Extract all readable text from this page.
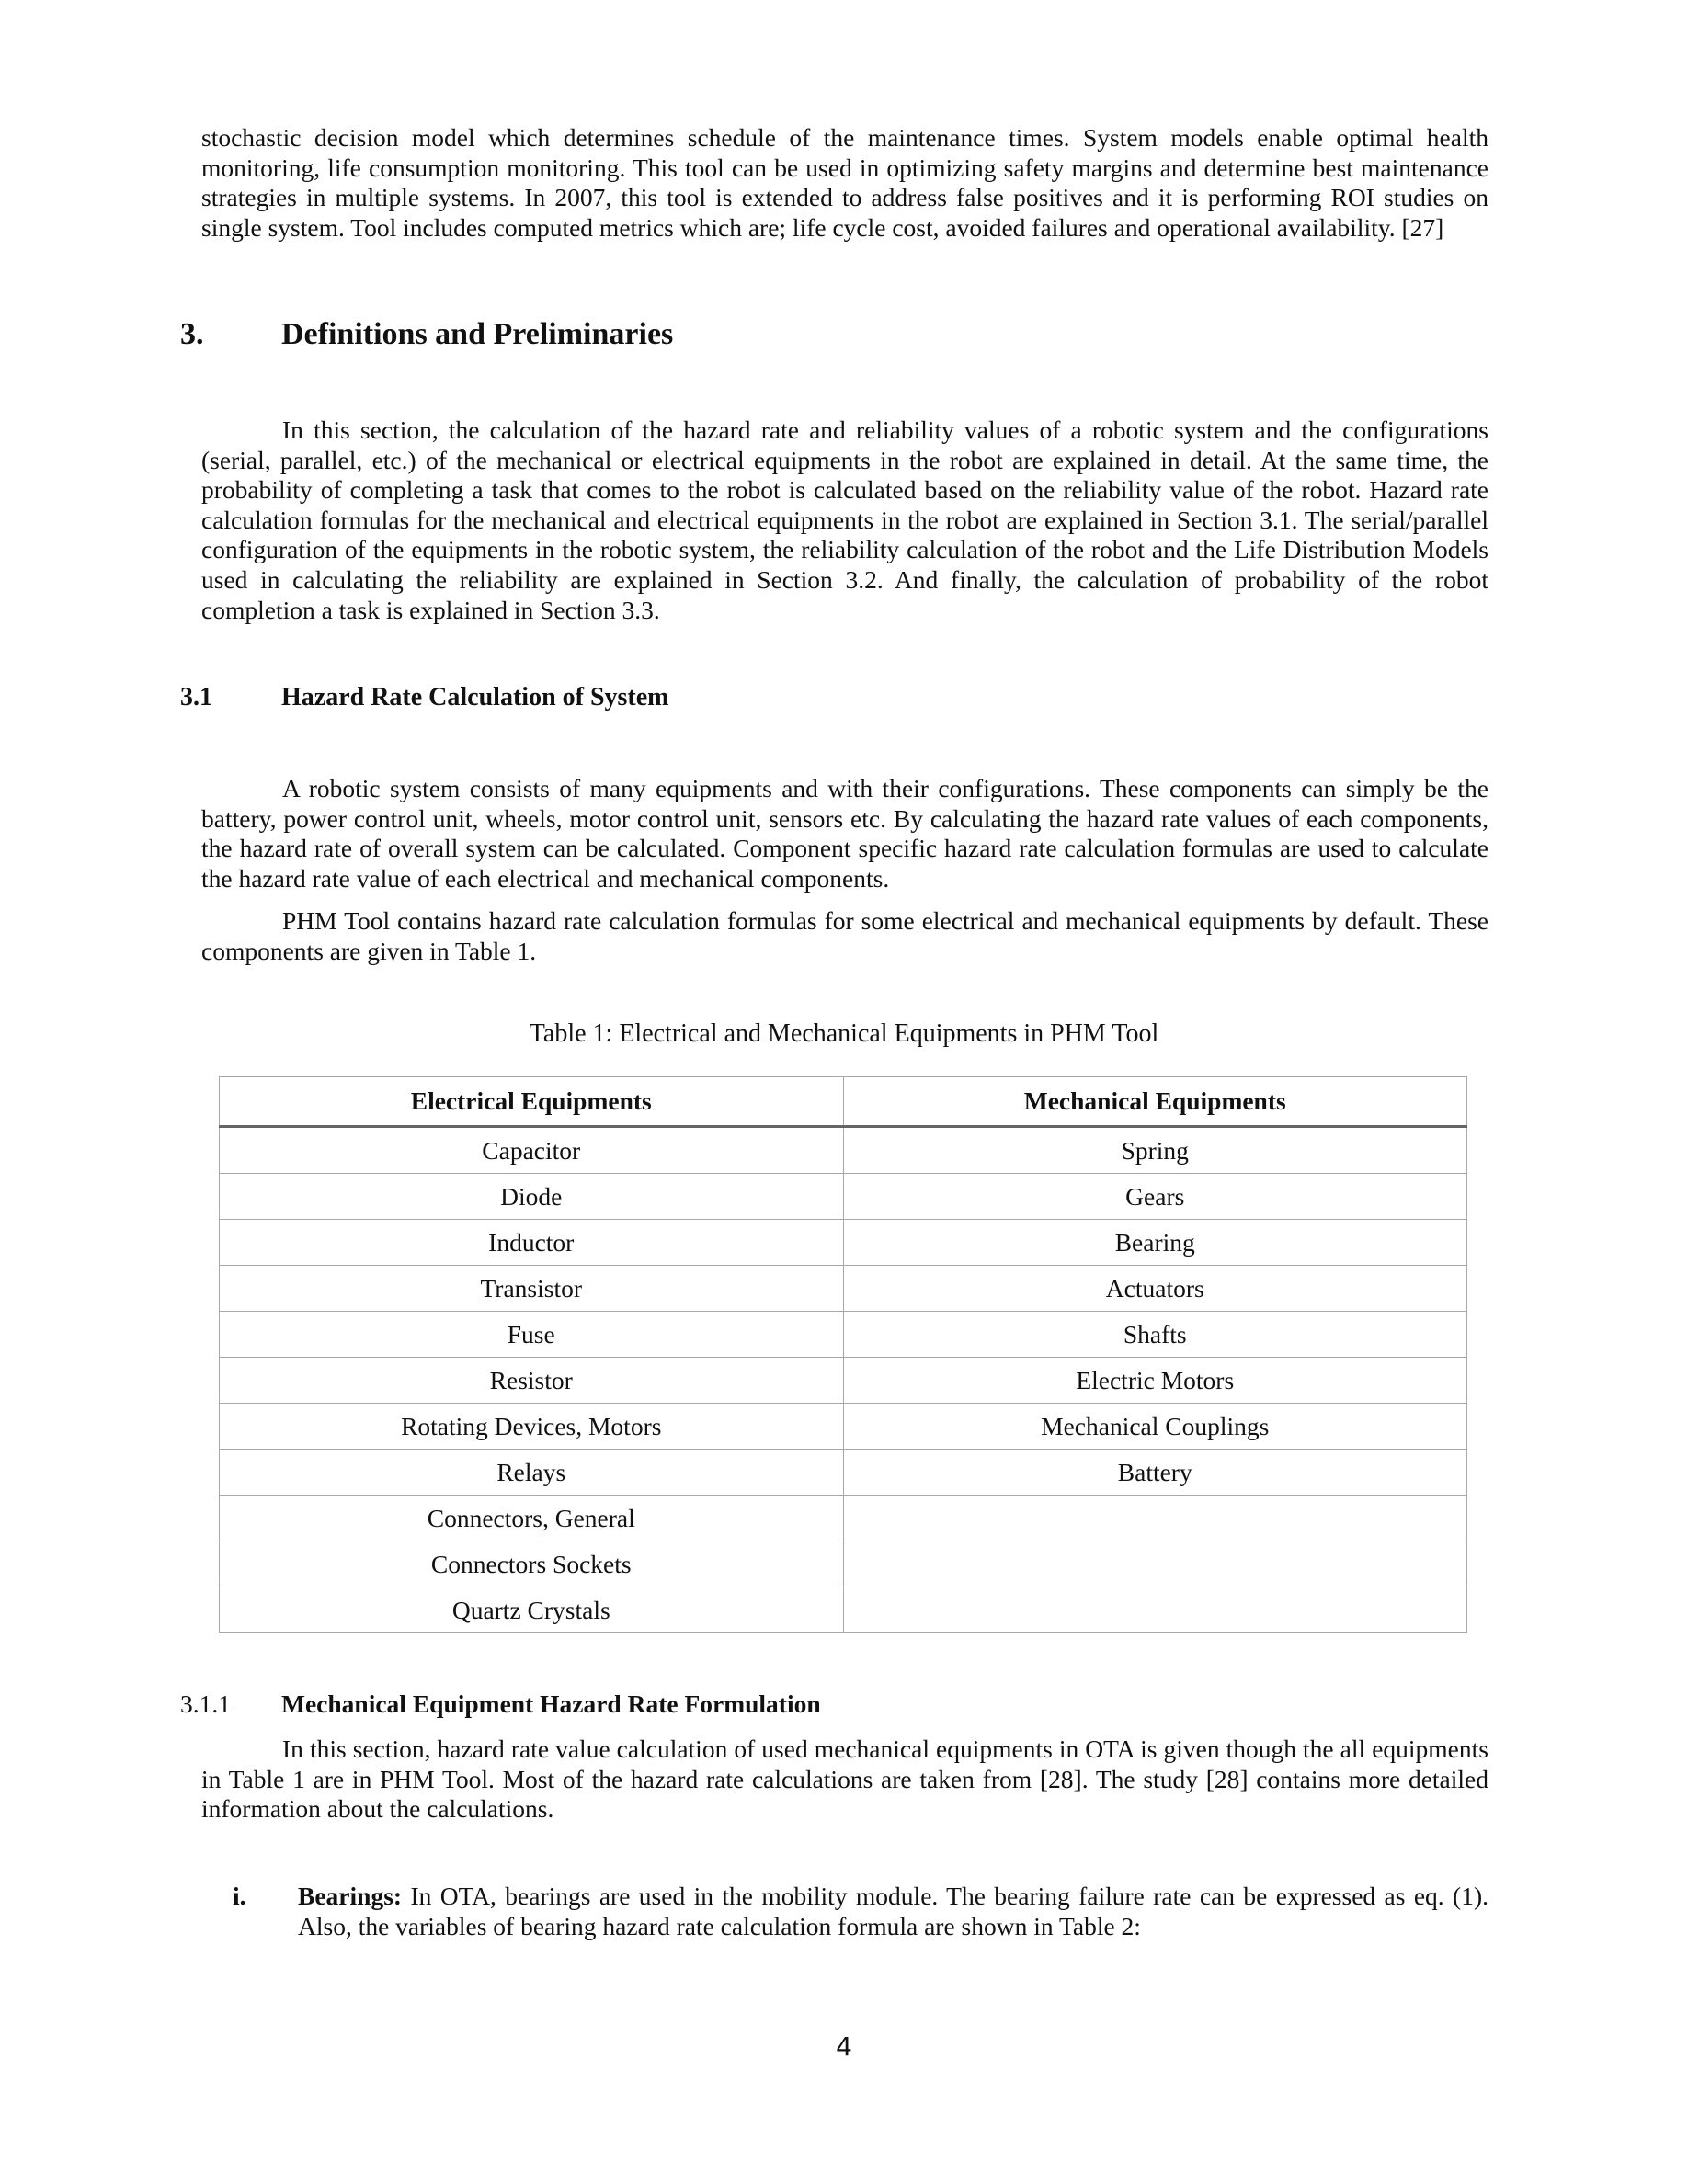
stochastic decision model which determines schedule of the maintenance times. System models enable optimal health monitoring, life consumption monitoring. This tool can be used in optimizing safety margins and determine best maintenance strategies in multiple systems. In 2007, this tool is extended to address false positives and it is performing ROI studies on single system. Tool includes computed metrics which are; life cycle cost, avoided failures and operational availability. [27]

3. Definitions and Preliminaries

In this section, the calculation of the hazard rate and reliability values of a robotic system and the configurations (serial, parallel, etc.) of the mechanical or electrical equipments in the robot are explained in detail. At the same time, the probability of completing a task that comes to the robot is calculated based on the reliability value of the robot. Hazard rate calculation formulas for the mechanical and electrical equipments in the robot are explained in Section 3.1. The serial/parallel configuration of the equipments in the robotic system, the reliability calculation of the robot and the Life Distribution Models used in calculating the reliability are explained in Section 3.2. And finally, the calculation of probability of the robot completion a task is explained in Section 3.3.

3.1	Hazard Rate Calculation of System

A robotic system consists of many equipments and with their configurations. These components can simply be the battery, power control unit, wheels, motor control unit, sensors etc. By calculating the hazard rate values of each components, the hazard rate of overall system can be calculated. Component specific hazard rate calculation formulas are used to calculate the hazard rate value of each electrical and mechanical components.

PHM Tool contains hazard rate calculation formulas for some electrical and mechanical equipments by default. These components are given in Table 1.

Table 1: Electrical and Mechanical Equipments in PHM Tool
Electrical Equipments	Mechanical Equipments
Capacitor	Spring
Diode	Gears
Inductor	Bearing
Transistor	Actuators
Fuse	Shafts
Resistor	Electric Motors
Rotating Devices, Motors	Mechanical Couplings
Relays	Battery
Connectors, General	
Connectors Sockets	
Quartz Crystals	
3.1.1 Mechanical Equipment Hazard Rate Formulation

In this section, hazard rate value calculation of used mechanical equipments in OTA is given though the all equipments in Table 1 are in PHM Tool. Most of the hazard rate calculations are taken from [28]. The study [28] contains more detailed information about the calculations.

i. Bearings: In OTA, bearings are used in the mobility module. The bearing failure rate can be expressed as eq. (1). Also, the variables of bearing hazard rate calculation formula are shown in Table 2:
4
